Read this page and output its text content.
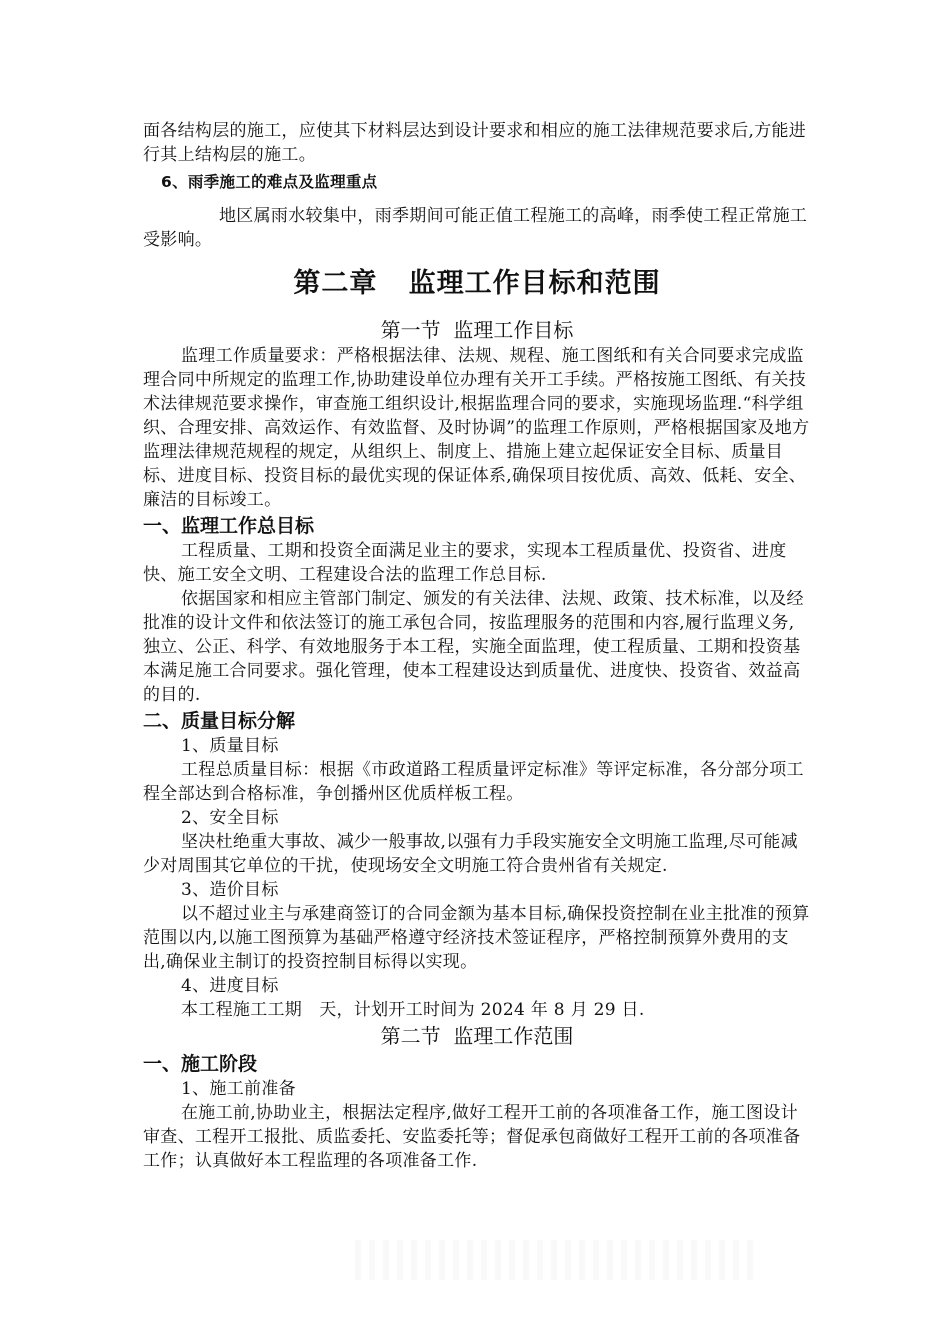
面各结构层的施工，应使其下材料层达到设计要求和相应的施工法律规范要求后,方能进行其上结构层的施工。

6、雨季施工的难点及监理重点

地区属雨水较集中，雨季期间可能正值工程施工的高峰，雨季使工程正常施工受影响。

第二章   监理工作目标和范围
第一节  监理工作目标

监理工作质量要求：严格根据法律、法规、规程、施工图纸和有关合同要求完成监理合同中所规定的监理工作,协助建设单位办理有关开工手续。严格按施工图纸、有关技术法律规范要求操作，审查施工组织设计,根据监理合同的要求，实施现场监理.“科学组织、合理安排、高效运作、有效监督、及时协调”的监理工作原则，严格根据国家及地方监理法律规范规程的规定，从组织上、制度上、措施上建立起保证安全目标、质量目标、进度目标、投资目标的最优实现的保证体系,确保项目按优质、高效、低耗、安全、廉洁的目标竣工。

一、监理工作总目标

工程质量、工期和投资全面满足业主的要求，实现本工程质量优、投资省、进度快、施工安全文明、工程建设合法的监理工作总目标.

依据国家和相应主管部门制定、颁发的有关法律、法规、政策、技术标准，以及经批准的设计文件和依法签订的施工承包合同，按监理服务的范围和内容,履行监理义务,独立、公正、科学、有效地服务于本工程，实施全面监理，使工程质量、工期和投资基本满足施工合同要求。强化管理，使本工程建设达到质量优、进度快、投资省、效益高的目的.

二、质量目标分解

1、质量目标

工程总质量目标：根据《市政道路工程质量评定标准》等评定标准，各分部分项工程全部达到合格标准，争创播州区优质样板工程。

2、安全目标

坚决杜绝重大事故、减少一般事故,以强有力手段实施安全文明施工监理,尽可能减少对周围其它单位的干扰，使现场安全文明施工符合贵州省有关规定.

3、造价目标

以不超过业主与承建商签订的合同金额为基本目标,确保投资控制在业主批准的预算范围以内,以施工图预算为基础严格遵守经济技术签证程序，严格控制预算外费用的支出,确保业主制订的投资控制目标得以实现。

4、进度目标

本工程施工工期   天，计划开工时间为 2024 年 8 月 29 日.

第二节  监理工作范围
一、施工阶段

1、施工前准备

在施工前,协助业主，根据法定程序,做好工程开工前的各项准备工作，施工图设计审查、工程开工报批、质监委托、安监委托等；督促承包商做好工程开工前的各项准备工作；认真做好本工程监理的各项准备工作.
